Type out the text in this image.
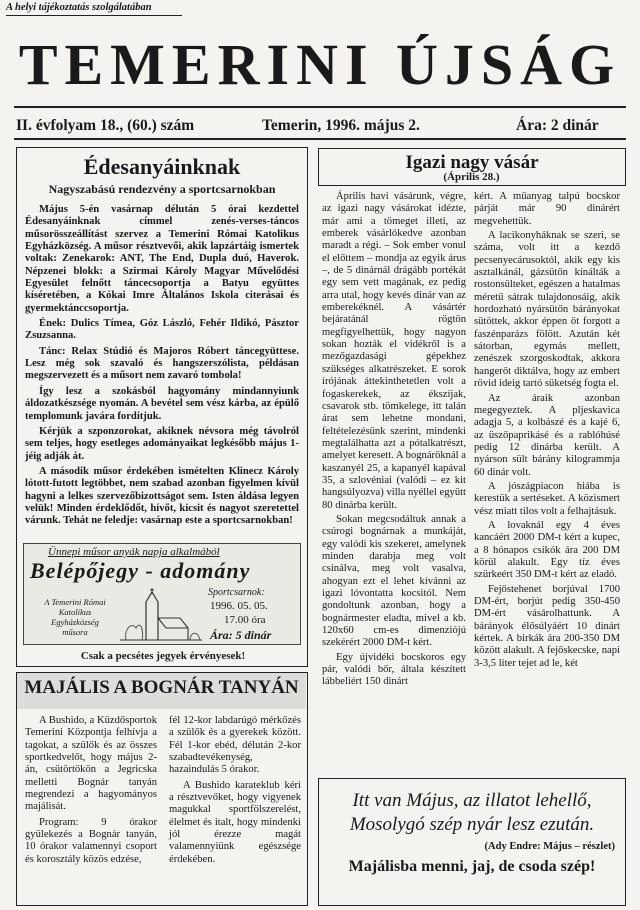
A helyi tájékoztatás szolgálatában
TEMERINI ÚJSÁG
II. évfolyam 18., (60.) szám	Temerin, 1996. május 2.	Ára: 2 dinár
Édesanyáinknak
Nagyszabású rendezvény a sportcsarnokban

Május 5-én vasárnap délután 5 órai kezdettel Édesanyáinknak címmel zenés-verses-táncos műsorösszeállítást szervez a Temerini Római Katolikus Egyházközség. A műsor résztvevői, akik lapzártáig ismertek voltak: Zenekarok: ANT, The End, Dupla duó, Haverok. Népzenei blokk: a Szirmai Károly Magyar Művelődési Egyesület felnőtt táncecsoportja a Batyu együttes kíséretében, a Kókai Imre Általános Iskola citerásai és gyermektánccsoportja.

Ének: Dulics Tímea, Góz László, Fehér Ildikó, Pásztor Zsuzsanna.

Tánc: Relax Stúdió és Majoros Róbert táncegyüttese. Lesz még sok szavaló és hangszerszólista, példásan megszervezett és a műsort nem zavaró tombola!

Így lesz a szokásból hagyomány mindannyiunk áldozatkészsége nyomán. A bevétel sem vész kárba, az épülő templomunk javára fordítjuk.

Kérjük a szponzorokat, akiknek névsora még távolról sem teljes, hogy esetleges adományaikat legkésőbb május 1-jéig adják át.

A második műsor érdekében ismételten Klinecz Károly lótott-futott legtöbbet, nem szabad azonban figyelmen kívül hagyni a lelkes szervezőbizottságot sem. Isten áldása legyen velük! Minden érdeklődőt, hívőt, kicsit és nagyot szeretettel várunk. Tehát ne feledje: vasárnap este a sportcsarnokban!

Ünnepi műsor anyák napja alkalmából
Belépőjegy - adomány
A Temerini Római
Katolikus
Egyházközség műsora
Sportcsarnok:
1996. 05. 05.
17.00 óra
Ára: 5 dinár
Csak a pecsétes jegyek érvényesek!
MAJÁLIS A BOGNÁR TANYÁN

A Bushido, a Küzdősportok Temerini Központja felhívja a tagokat, a szülők és az összes sportkedvelőt, hogy május 2-án, csütörtökön a Jegricska melletti Bognár tanyán megrendezi a hagyományos majálisát.

Program: 9 órakor gyülekezés a Bognár tanyán, 10 órakor valamennyi csoport és korosztály közös edzése,

fél 12-kor labdarúgó mérkőzés a szülők és a gyerekek között. Fél 1-kor ebéd, délután 2-kor szabadtevékenység, hazaindulás 5 órakor.

A Bushido karateklub kéri a résztvevőket, hogy vigyenek magukkal sportfölszerelést, élelmet és italt, hogy mindenki jól érezze magát valamennyiünk egészsége érdekében.

Igazi nagy vásár
(Április 28.)

Április havi vásárunk, végre, az igazi nagy vásárokat idézte, már ami a tömeget illeti, az emberek vásárlókedve azonban maradt a régi. – Sok ember vonul el előttem – mondja az egyik árus –, de 5 dinárnál drágább portékát egy sem vett magának, ez pedig arra utal, hogy kevés dinár van az emberekéknél. A vásártér bejáratánál rögtön megfigyelhettük, hogy nagyon sokan hozták el vidékről is a mezőgazdasági gépekhez szükséges alkatrészeket. E sorok írójának áttekinthetetlen volt a fogaskerekek, az ékszíjak, csavarok stb. tömkelege, itt talán árat sem lehetne mondani, feltételezésünk szerint, mindenki megtalálhatta azt a pótalkatrészt, amelyet keresett. A bognáröknál a kaszanyél 25, a kapanyél kapával 35, a szlovéniai (valódi – ez kit hangsúlyozva) villa nyéllel együtt 80 dinárba került.

Sokan megcsodáltuk annak a csúrogi bognárnak a munkáját, egy valódi kis szekeret, amelynek minden darabja meg volt csinálva, meg volt vasalva, ahogyan ezt el lehet kívánni az igazi lóvontatta kocsitól. Nem gondoltunk azonban, hogy a bognármester eladta, mivel a kb. 120x60 cm-es dimenziójú szekérért 2000 DM-t kért.

Egy újvidéki bocskoros egy pár, valódi bőr, általa készített lábbeliért 150 dinárt

kért. A műanyag talpú bocskor párját már 90 dinárért megvehettük.

A lacikonyháknak se szeri, se száma, volt itt a kezdő pecsenyecárusoktól, akik egy kis asztalkánál, gázsütőn kínálták a rostonsülteket, egészen a hatalmas méretű sátrak tulajdonosáig, akik hordozható nyársütőn bárányokat sütöttek, akkor éppen öt forgott a faszénparázs fölött. Azután két sátorban, egymás mellett, zenészek szorgoskodtak, akkora hangerőt diktálva, hogy az embert rövid ideig tartó süketség fogta el.

Az áraik azonban megegyeztek. A pljeskavica adagja 5, a kolbászé és a kajé 6, az üszőpaprikásé és a rablóhúsé pedig 12 dinárba került. A nyárson sült bárány kilogrammja 60 dinár volt.

A jószágpiacon hiába is kerestük a sertéseket. A közismert vész miatt tilos volt a felhajtásuk.

A lovaknál egy 4 éves kancáért 2000 DM-t kért a kupec, a 8 hónapos csikók ára 200 DM körül alakult. Egy tíz éves szürkeért 350 DM-t kért az eladó.

Fejőstehenet borjúval 1700 DM-ért, borjút pedig 350-450 DM-ért vásárolhattunk. A bárányok élősúlyáért 10 dinárt kértek. A birkák ára 200-350 DM között alakult. A fejőskecske, napi 3-3,5 liter tejet ad le, két

Itt van Május, az illatot lehellő,
Mosolygó szép nyár lesz ezután.
(Ady Endre: Május – részlet)
Majálisba menni, jaj, de csoda szép!
